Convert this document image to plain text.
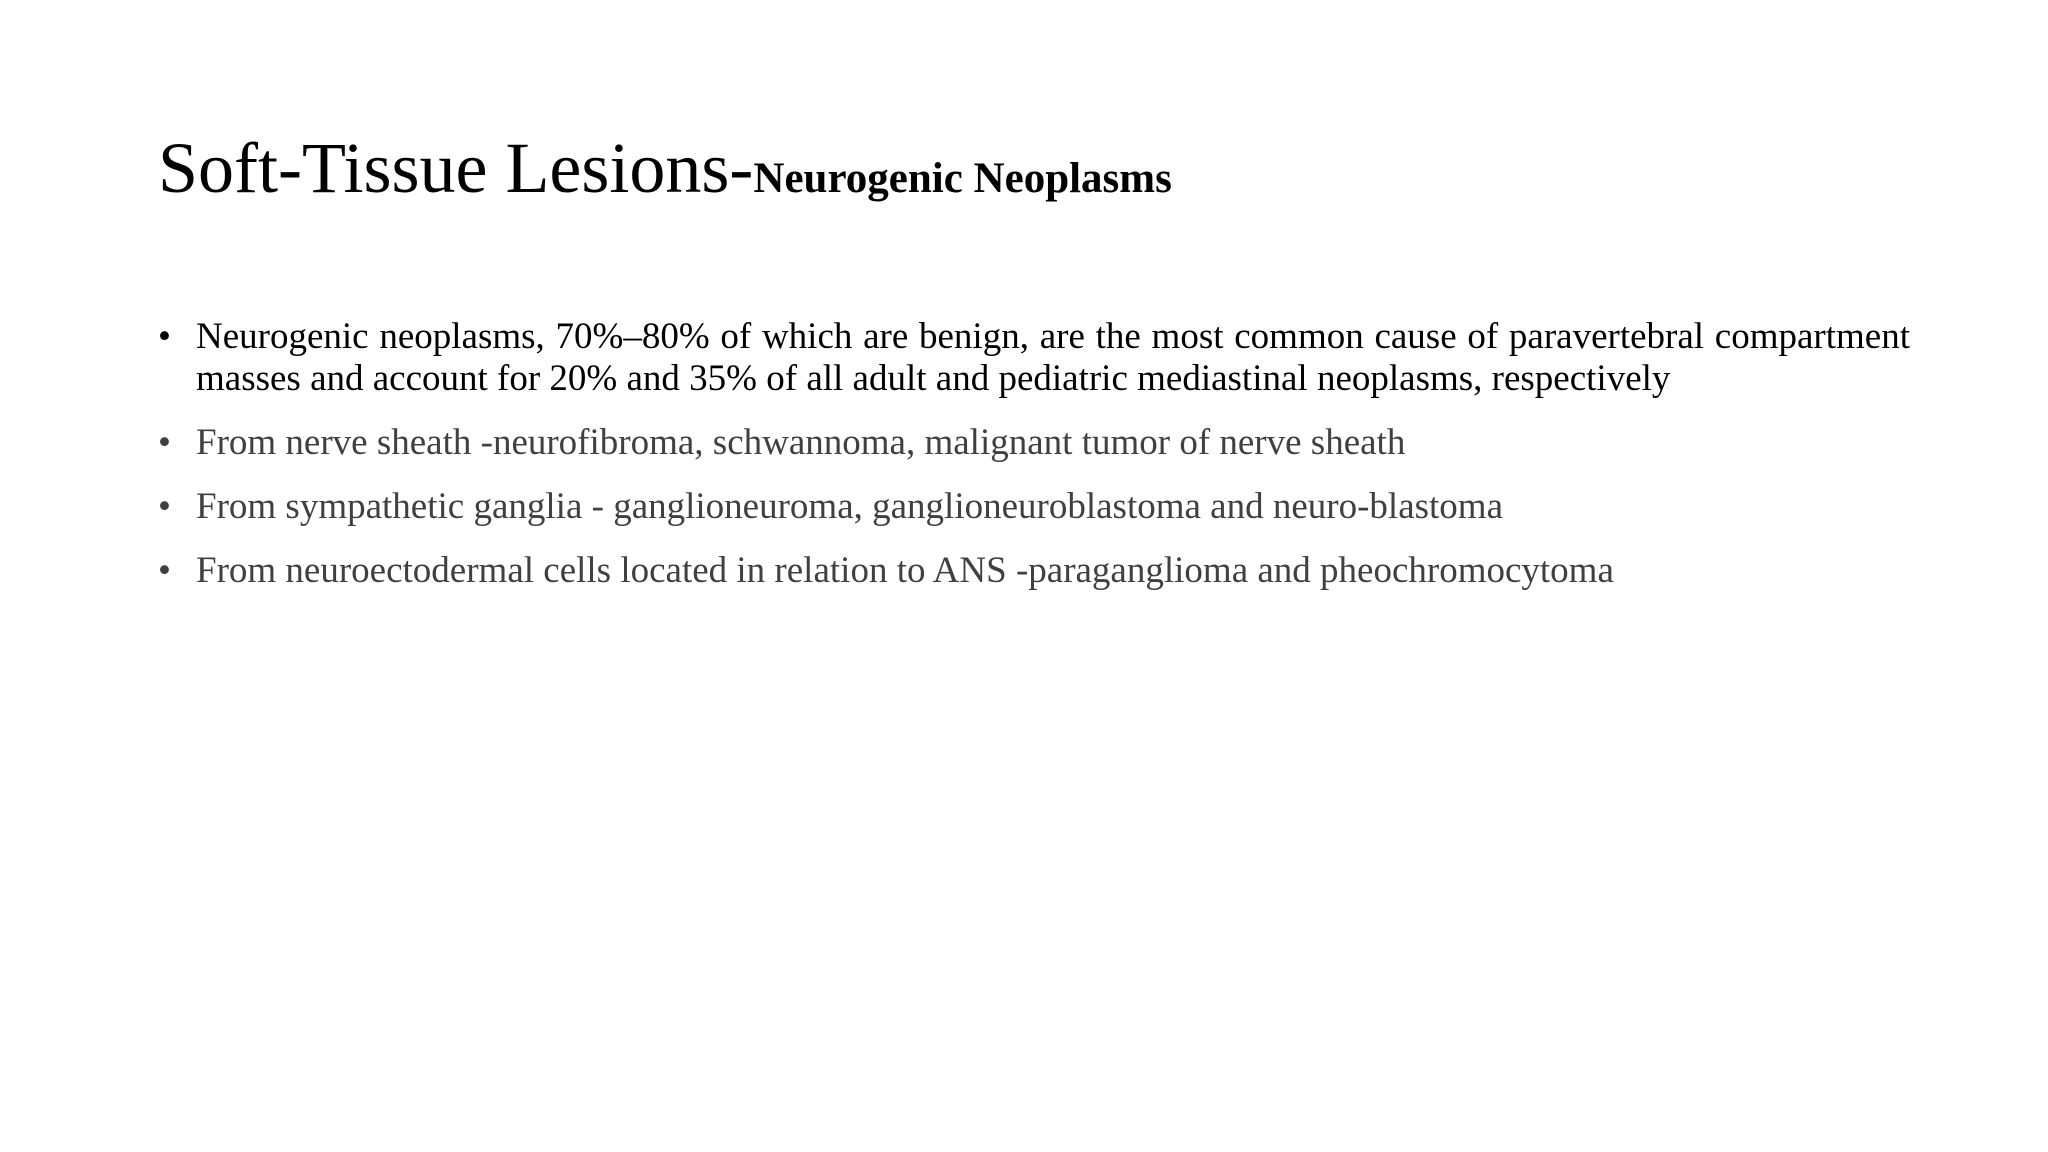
Soft-Tissue Lesions-Neurogenic Neoplasms
• Neurogenic neoplasms, 70%–80% of which are benign, are the most common cause of paravertebral compartment masses and account for 20% and 35% of all adult and pediatric mediastinal neoplasms, respectively
• From nerve sheath -neurofibroma, schwannoma, malignant tumor of nerve sheath
• From sympathetic ganglia - ganglioneuroma, ganglioneuroblastoma and neuro-blastoma
• From neuroectodermal cells located in relation to ANS -paraganglioma and pheochromocytoma
